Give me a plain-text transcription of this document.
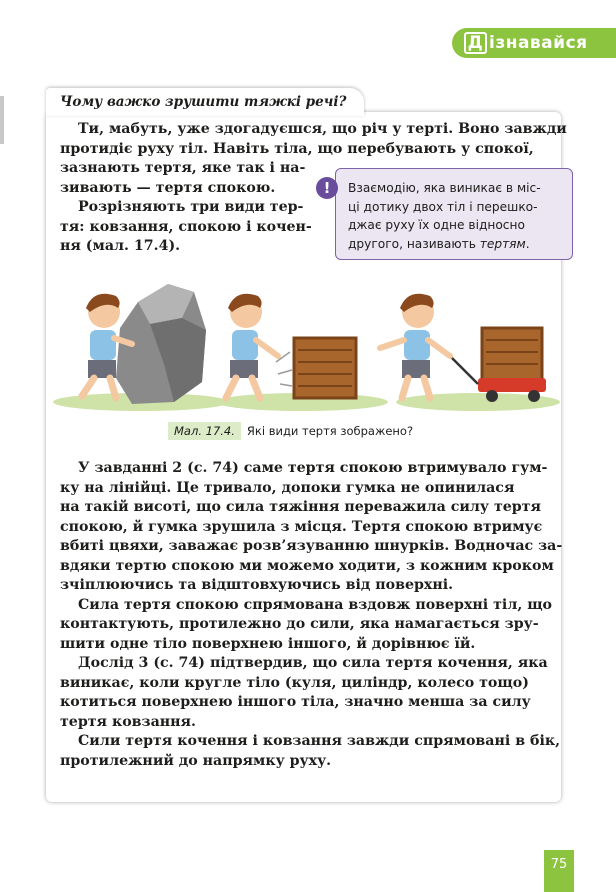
Д ізнавайся
Чому важко зрушити тяжкі речі?
Ти, мабуть, уже здогадуєшся, що річ у терті. Воно завжди
протидіє руху тіл. Навіть тіла, що перебувають у спокої,
зазнають тертя, яке так і на-
зивають — тертя спокою.
Розрізняють три види тер-
тя: ковзання, спокою і кочен-
ня (мал. 17.4).
!	Взаємодію, яка виникає в міс-
ці дотику двох тіл і перешко-
джає руху їх одне відносно
другого, називають тертям.
Мал. 17.4. Які види тертя зображено?
У завданні 2 (с. 74) саме тертя спокою втримувало гум-
ку на лінійці. Це тривало, допоки гумка не опинилася
на такій висоті, що сила тяжіння переважила силу тертя
спокою, й гумка зрушила з місця. Тертя спокою втримує
вбиті цвяхи, заважає розв’язуванню шнурків. Водночас за-
вдяки тертю спокою ми можемо ходити, з кожним кроком
зчіплюючись та відштовхуючись від поверхні.
Сила тертя спокою спрямована вздовж поверхні тіл, що
контактують, протилежно до сили, яка намагається зру-
шити одне тіло поверхнею іншого, й дорівнює їй.
Дослід 3 (с. 74) підтвердив, що сила тертя кочення, яка
виникає, коли кругле тіло (куля, циліндр, колесо тощо)
котиться поверхнею іншого тіла, значно менша за силу
тертя ковзання.
Сили тертя кочення і ковзання завжди спрямовані в бік,
протилежний до напрямку руху.
75
